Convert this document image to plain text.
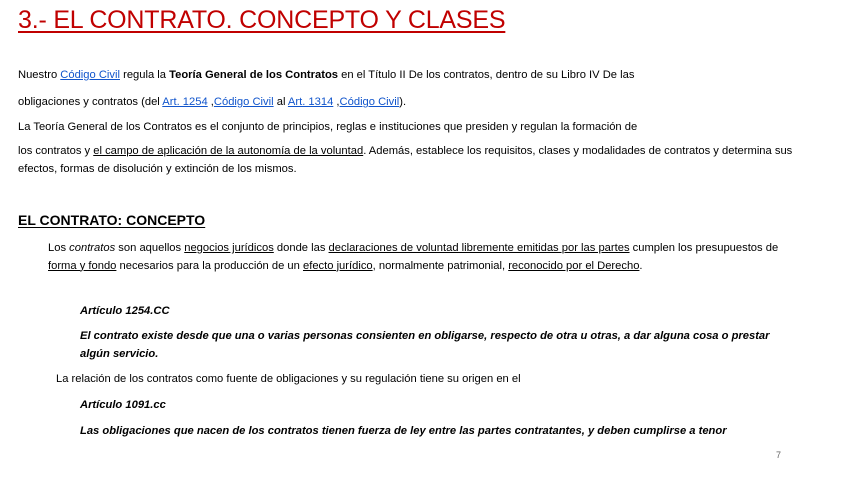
3.- EL CONTRATO. CONCEPTO Y CLASES

Nuestro Código Civil regula la Teoría General de los Contratos en el Título II De los contratos, dentro de su Libro IV De las

obligaciones y contratos (del Art. 1254 ,Código Civil al Art. 1314 ,Código Civil).

La Teoría General de los Contratos es el conjunto de principios, reglas e instituciones que presiden y regulan la formación de

los contratos y el campo de aplicación de la autonomía de la voluntad. Además, establece los requisitos, clases y modalidades de contratos y determina sus efectos, formas de disolución y extinción de los mismos.

EL CONTRATO: CONCEPTO

Los contratos son aquellos negocios jurídicos donde las declaraciones de voluntad libremente emitidas por las partes cumplen los presupuestos de forma y fondo necesarios para la producción de un efecto jurídico, normalmente patrimonial, reconocido por el Derecho.

Artículo 1254.CC

El contrato existe desde que una o varias personas consienten en obligarse, respecto de otra u otras, a dar alguna cosa o prestar algún servicio.

La relación de los contratos como fuente de obligaciones y su regulación tiene su origen en el

Artículo 1091.cc

Las obligaciones que nacen de los contratos tienen fuerza de ley entre las partes contratantes, y deben cumplirse a tenor

7
